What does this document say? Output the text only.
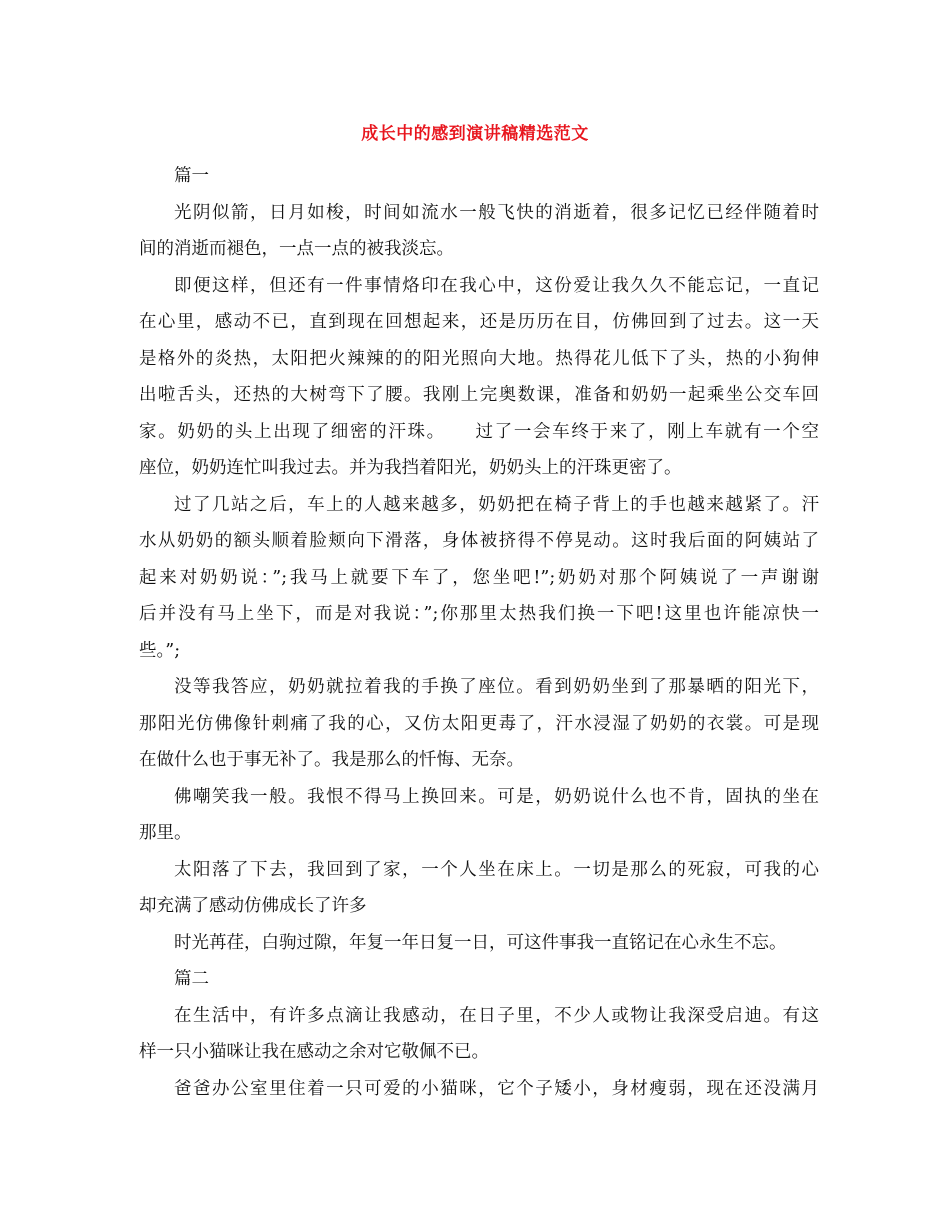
成长中的感到演讲稿精选范文
篇一
光阴似箭，日月如梭，时间如流水一般飞快的消逝着，很多记忆已经伴随着时
间的消逝而褪色，一点一点的被我淡忘。
即便这样，但还有一件事情烙印在我心中，这份爱让我久久不能忘记，一直记
在心里，感动不已，直到现在回想起来，还是历历在目，仿佛回到了过去。这一天
是格外的炎热，太阳把火辣辣的的阳光照向大地。热得花儿低下了头，热的小狗伸
出啦舌头，还热的大树弯下了腰。我刚上完奥数课，准备和奶奶一起乘坐公交车回
家。奶奶的头上出现了细密的汗珠。　　过了一会车终于来了，刚上车就有一个空
座位，奶奶连忙叫我过去。并为我挡着阳光，奶奶头上的汗珠更密了。
过了几站之后，车上的人越来越多，奶奶把在椅子背上的手也越来越紧了。汗
水从奶奶的额头顺着脸颊向下滑落，身体被挤得不停晃动。这时我后面的阿姨站了
起来对奶奶说：”;我马上就要下车了，您坐吧!”;奶奶对那个阿姨说了一声谢谢
后并没有马上坐下，而是对我说：”;你那里太热我们换一下吧!这里也许能凉快一
些。”;
没等我答应，奶奶就拉着我的手换了座位。看到奶奶坐到了那暴晒的阳光下，
那阳光仿佛像针刺痛了我的心，又仿太阳更毒了，汗水浸湿了奶奶的衣裳。可是现
在做什么也于事无补了。我是那么的忏悔、无奈。
佛嘲笑我一般。我恨不得马上换回来。可是，奶奶说什么也不肯，固执的坐在
那里。
太阳落了下去，我回到了家，一个人坐在床上。一切是那么的死寂，可我的心
却充满了感动仿佛成长了许多
时光苒荏，白驹过隙，年复一年日复一日，可这件事我一直铭记在心永生不忘。
篇二
在生活中，有许多点滴让我感动，在日子里，不少人或物让我深受启迪。有这
样一只小猫咪让我在感动之余对它敬佩不已。
爸爸办公室里住着一只可爱的小猫咪，它个子矮小，身材瘦弱，现在还没满月
